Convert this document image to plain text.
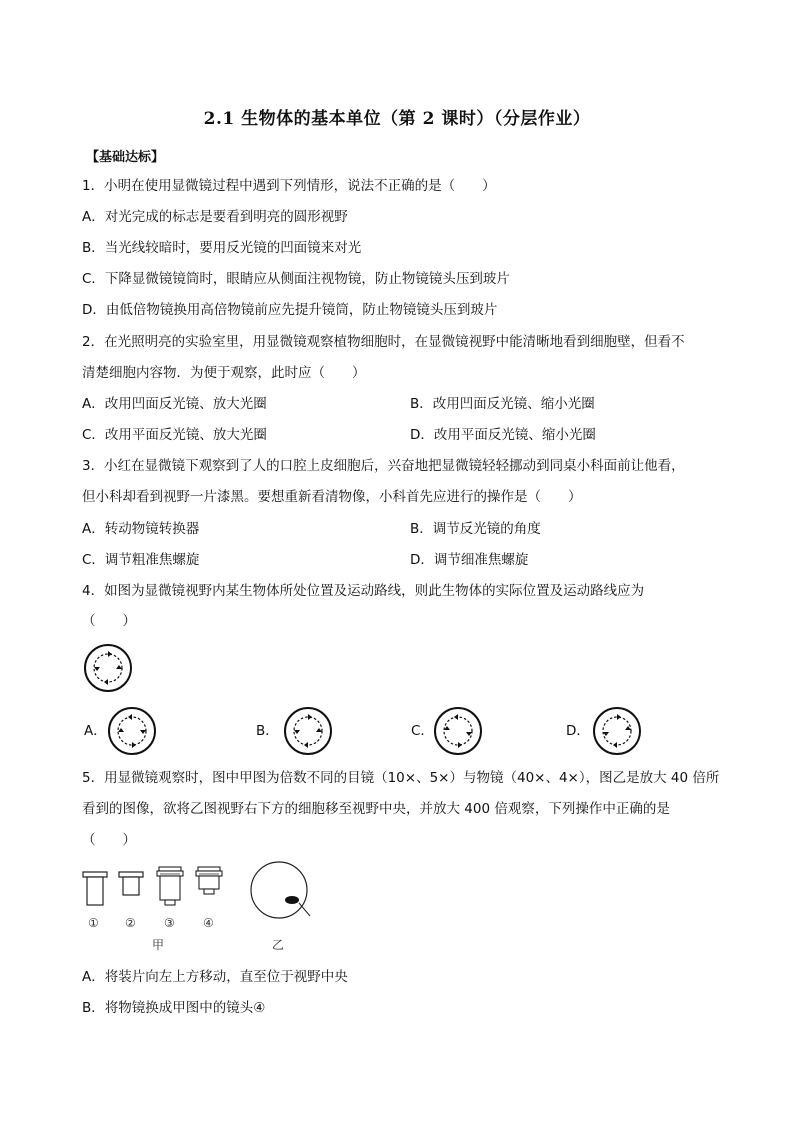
2.1 生物体的基本单位（第 2 课时）（分层作业）
【基础达标】
1．小明在使用显微镜过程中遇到下列情形，说法不正确的是（　　）
A．对光完成的标志是要看到明亮的圆形视野
B．当光线较暗时，要用反光镜的凹面镜来对光
C．下降显微镜镜筒时，眼睛应从侧面注视物镜，防止物镜镜头压到玻片
D．由低倍物镜换用高倍物镜前应先提升镜筒，防止物镜镜头压到玻片
2．在光照明亮的实验室里，用显微镜观察植物细胞时，在显微镜视野中能清晰地看到细胞壁，但看不
清楚细胞内容物．为便于观察，此时应（　　）
A．改用凹面反光镜、放大光圈	B．改用凹面反光镜、缩小光圈
C．改用平面反光镜、放大光圈	D．改用平面反光镜、缩小光圈
3．小红在显微镜下观察到了人的口腔上皮细胞后，兴奋地把显微镜轻轻挪动到同桌小科面前让他看，
但小科却看到视野一片漆黑。要想重新看清物像，小科首先应进行的操作是（　　）
A．转动物镜转换器	B．调节反光镜的角度
C．调节粗准焦螺旋	D．调节细准焦螺旋
4．如图为显微镜视野内某生物体所处位置及运动路线，则此生物体的实际位置及运动路线应为
（　　）
A．	B．	C．	D．
5．用显微镜观察时，图中甲图为倍数不同的目镜（10×、5×）与物镜（40×、4×），图乙是放大 40 倍所
看到的图像，欲将乙图视野右下方的细胞移至视野中央，并放大 400 倍观察，下列操作中正确的是
（　　）
① ② ③ ④
甲	乙
A．将装片向左上方移动，直至位于视野中央
B．将物镜换成甲图中的镜头④
